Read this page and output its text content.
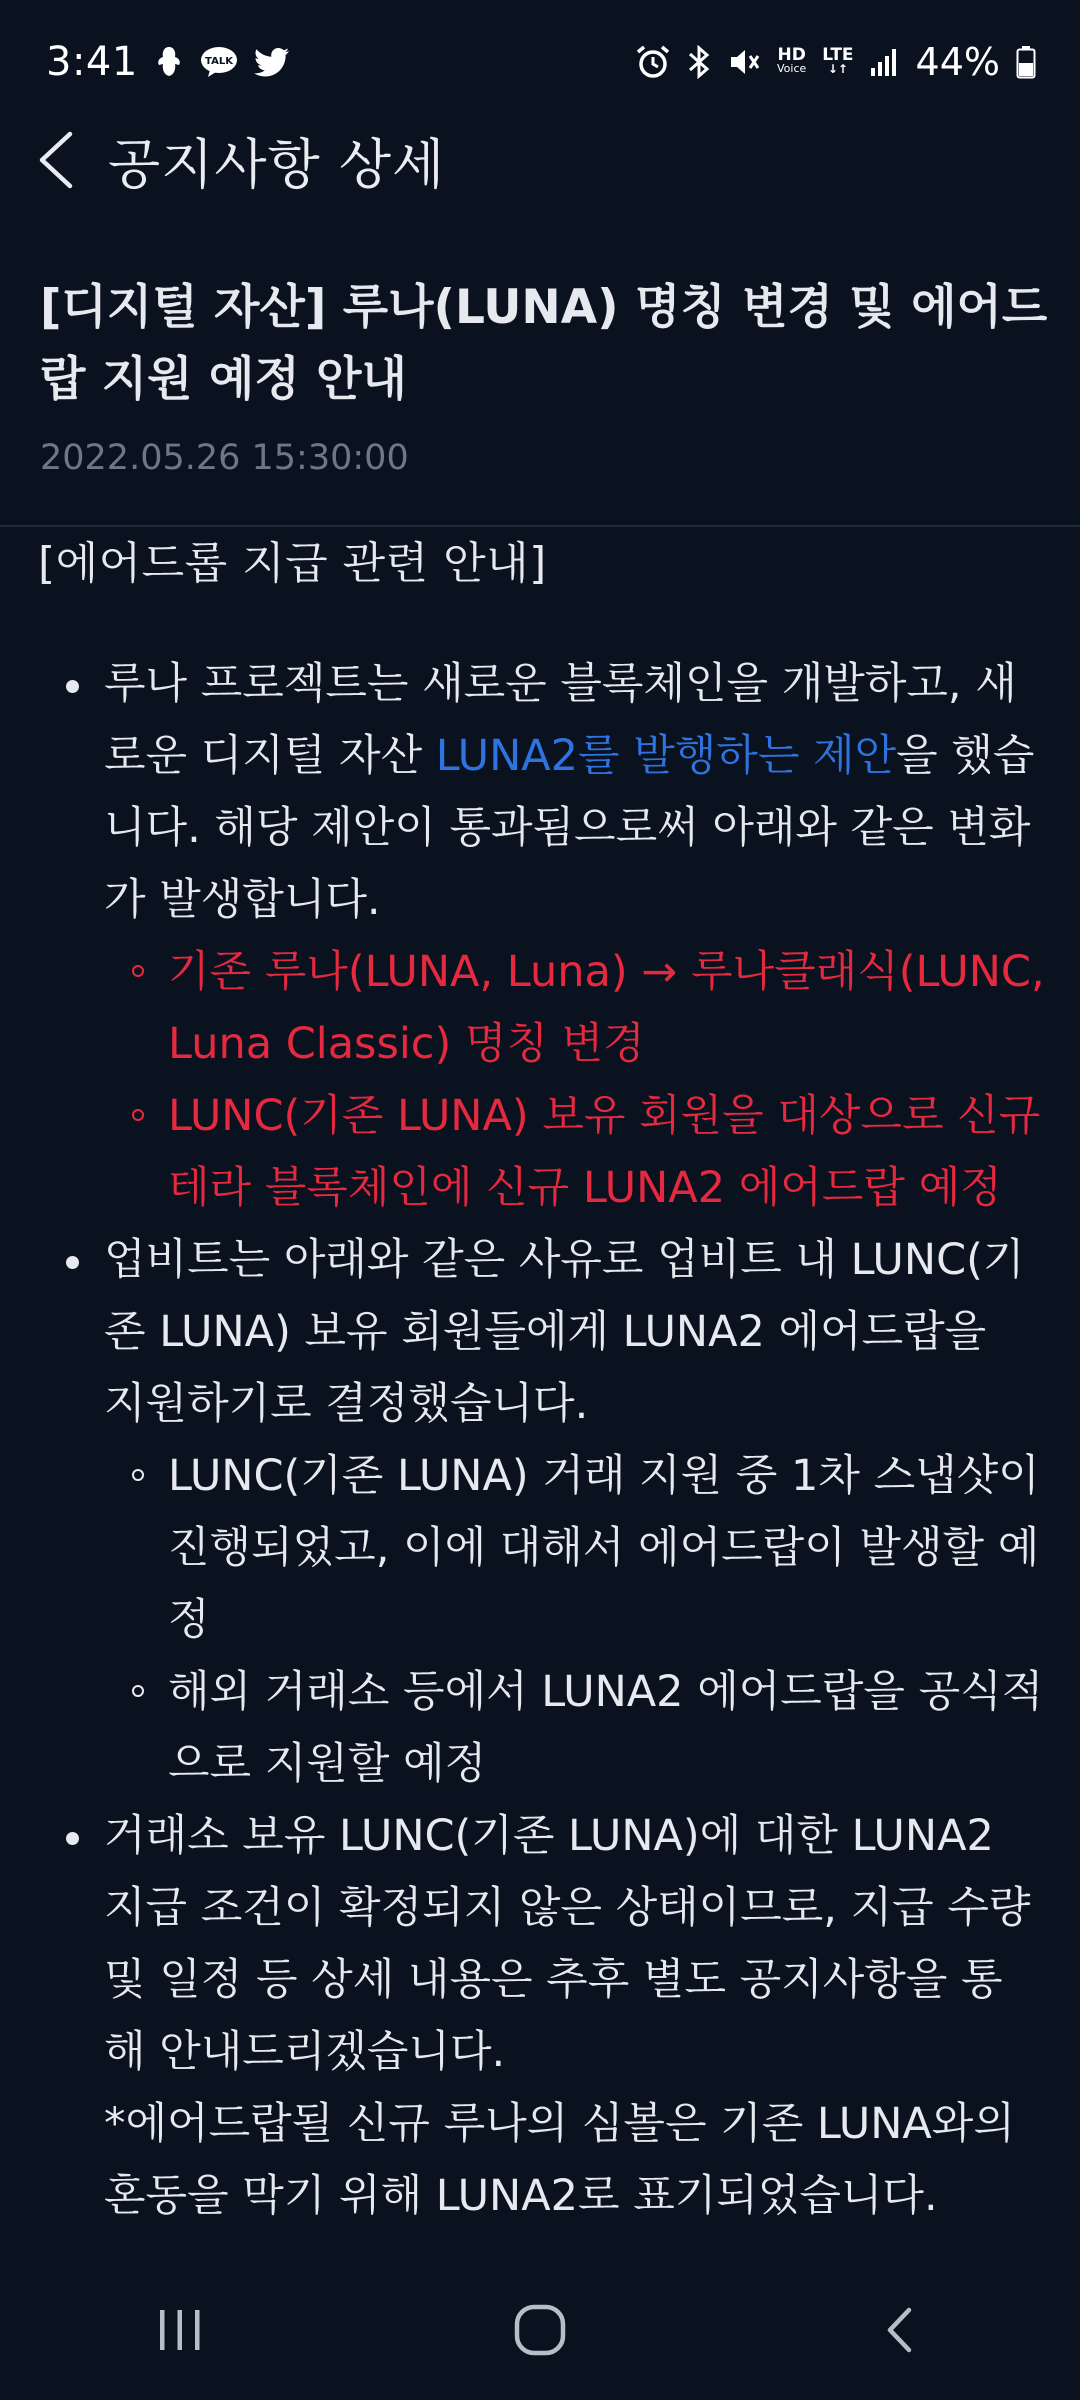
3:41	TALK	HD
Voice
LTE
↓↑ 44%
공지사항 상세
[디지털 자산] 루나(LUNA) 명칭 변경 및 에어드랍 지원 예정 안내
2022.05.26 15:30:00
[에어드롭 지급 관련 안내]
루나 프로젝트는 새로운 블록체인을 개발하고, 새로운 디지털 자산 LUNA2를 발행하는 제안을 했습니다. 해당 제안이 통과됨으로써 아래와 같은 변화가 발생합니다.
기존 루나(LUNA, Luna) → 루나클래식(LUNC, Luna Classic) 명칭 변경
LUNC(기존 LUNA) 보유 회원을 대상으로 신규 테라 블록체인에 신규 LUNA2 에어드랍 예정
업비트는 아래와 같은 사유로 업비트 내 LUNC(기존 LUNA) 보유 회원들에게 LUNA2 에어드랍을 지원하기로 결정했습니다.
LUNC(기존 LUNA) 거래 지원 중 1차 스냅샷이 진행되었고, 이에 대해서 에어드랍이 발생할 예정
해외 거래소 등에서 LUNA2 에어드랍을 공식적으로 지원할 예정
거래소 보유 LUNC(기존 LUNA)에 대한 LUNA2 지급 조건이 확정되지 않은 상태이므로, 지급 수량 및 일정 등 상세 내용은 추후 별도 공지사항을 통해 안내드리겠습니다.
*에어드랍될 신규 루나의 심볼은 기존 LUNA와의 혼동을 막기 위해 LUNA2로 표기되었습니다.
